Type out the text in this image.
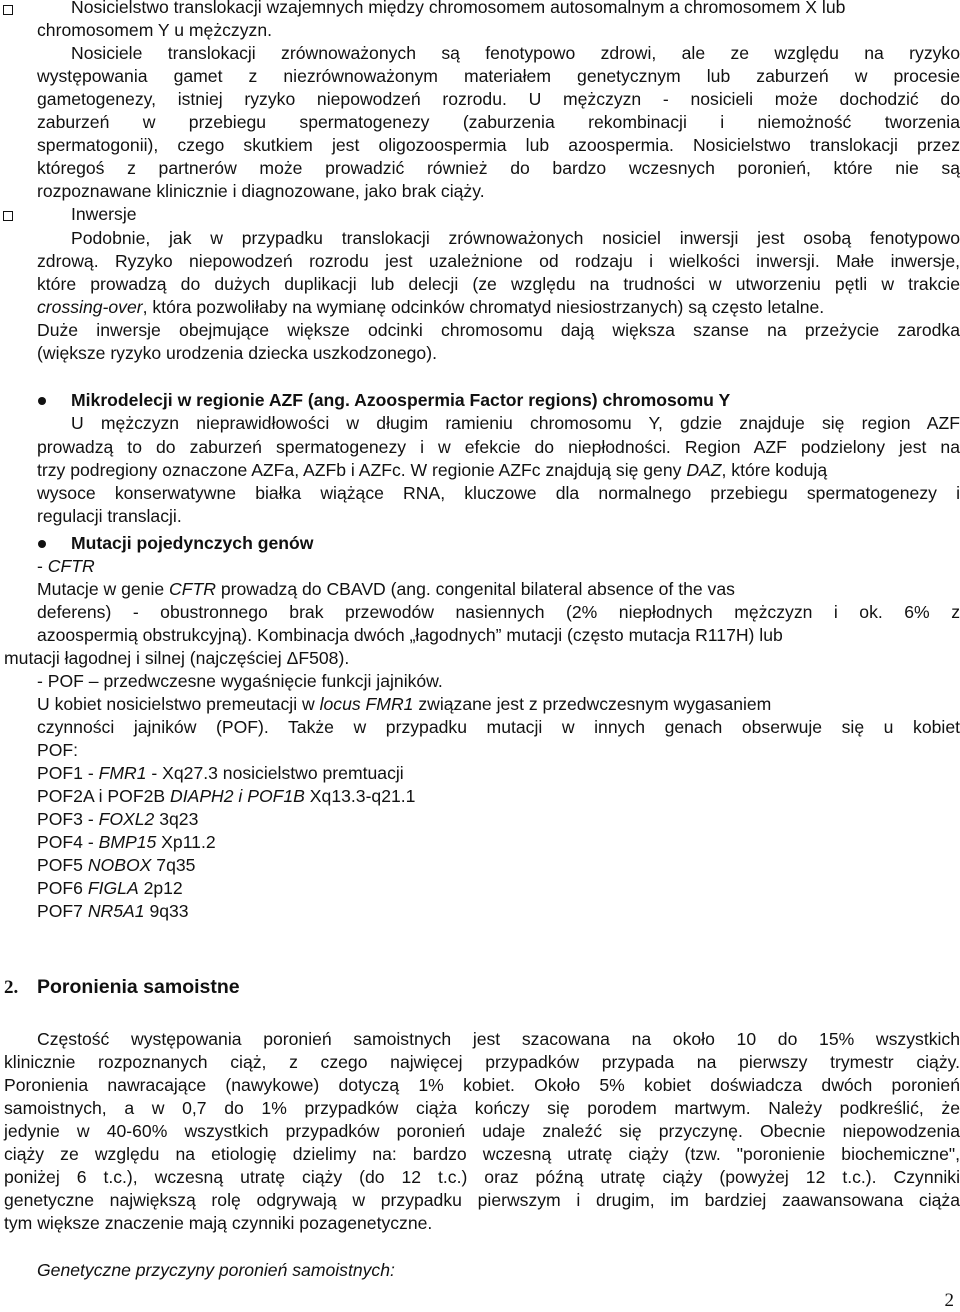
Nosicielstwo translokacji wzajemnych między chromosomem autosomalnym a chromosomem X lub
chromosomem Y u mężczyzn.
Nosiciele translokacji zrównoważonych są fenotypowo zdrowi, ale ze względu na ryzyko
występowania gamet z niezrównoważonym materiałem genetycznym lub zaburzeń w procesie
gametogenezy, istniej ryzyko niepowodzeń rozrodu. U mężczyzn - nosicieli może dochodzić do
zaburzeń w przebiegu spermatogenezy (zaburzenia rekombinacji i niemożność tworzenia
spermatogonii), czego skutkiem jest oligozoospermia lub azoospermia. Nosicielstwo translokacji przez
któregoś z partnerów może prowadzić również do bardzo wczesnych poronień, które nie są
rozpoznawane klinicznie i diagnozowane, jako brak ciąży.
Inwersje
Podobnie, jak w przypadku translokacji zrównoważonych nosiciel inwersji jest osobą fenotypowo
zdrową. Ryzyko niepowodzeń rozrodu jest uzależnione od rodzaju i wielkości inwersji. Małe inwersje,
które prowadzą do dużych duplikacji lub delecji (ze względu na trudności w utworzeniu pętli w trakcie
crossing-over, która pozwoliłaby na wymianę odcinków chromatyd niesiostrzanych) są często letalne.
Duże inwersje obejmujące większe odcinki chromosomu dają większa szanse na przeżycie zarodka
(większe ryzyko urodzenia dziecka uszkodzonego).
Mikrodelecji w regionie AZF (ang. Azoospermia Factor regions) chromosomu Y
U mężczyzn nieprawidłowości w długim ramieniu chromosomu Y, gdzie znajduje się region AZF
prowadzą to do zaburzeń spermatogenezy i w efekcie do niepłodności. Region AZF podzielony jest na
trzy podregiony oznaczone AZFa, AZFb i AZFc. W regionie AZFc znajdują się geny DAZ, które kodują
wysoce konserwatywne białka wiążące RNA, kluczowe dla normalnego przebiegu spermatogenezy i
regulacji translacji.
Mutacji pojedynczych genów
- CFTR
Mutacje w genie CFTR prowadzą do CBAVD (ang. congenital bilateral absence of the vas
deferens) - obustronnego brak przewodów nasiennych (2% niepłodnych mężczyzn i ok. 6% z
azoospermią obstrukcyjną). Kombinacja dwóch „łagodnych” mutacji (często mutacja R117H) lub
mutacji łagodnej i silnej (najczęściej ΔF508).
- POF – przedwczesne wygaśnięcie funkcji jajników.
U kobiet nosicielstwo premeutacji w locus FMR1 związane jest z przedwczesnym wygasaniem
czynności jajników (POF). Także w przypadku mutacji w innych genach obserwuje się u kobiet
POF:
POF1 - FMR1 - Xq27.3 nosicielstwo premtuacji
POF2A i POF2B DIAPH2 i POF1B Xq13.3-q21.1
POF3 - FOXL2 3q23
POF4 - BMP15 Xp11.2
POF5 NOBOX 7q35
POF6 FIGLA 2p12
POF7 NR5A1 9q33
2. Poronienia samoistne
Częstość występowania poronień samoistnych jest szacowana na około 10 do 15% wszystkich
klinicznie rozpoznanych ciąż, z czego najwięcej przypadków przypada na pierwszy trymestr ciąży.
Poronienia nawracające (nawykowe) dotyczą 1% kobiet. Około 5% kobiet doświadcza dwóch poronień
samoistnych, a w 0,7 do 1% przypadków ciąża kończy się porodem martwym. Należy podkreślić, że
jedynie w 40-60% wszystkich przypadków poronień udaje znaleźć się przyczynę. Obecnie niepowodzenia
ciąży ze względu na etiologię dzielimy na: bardzo wczesną utratę ciąży (tzw. "poronienie biochemiczne",
poniżej 6 t.c.), wczesną utratę ciąży (do 12 t.c.) oraz późną utratę ciąży (powyżej 12 t.c.). Czynniki
genetyczne największą rolę odgrywają w przypadku pierwszym i drugim, im bardziej zaawansowana ciąża
tym większe znaczenie mają czynniki pozagenetyczne.
Genetyczne przyczyny poronień samoistnych:
2
